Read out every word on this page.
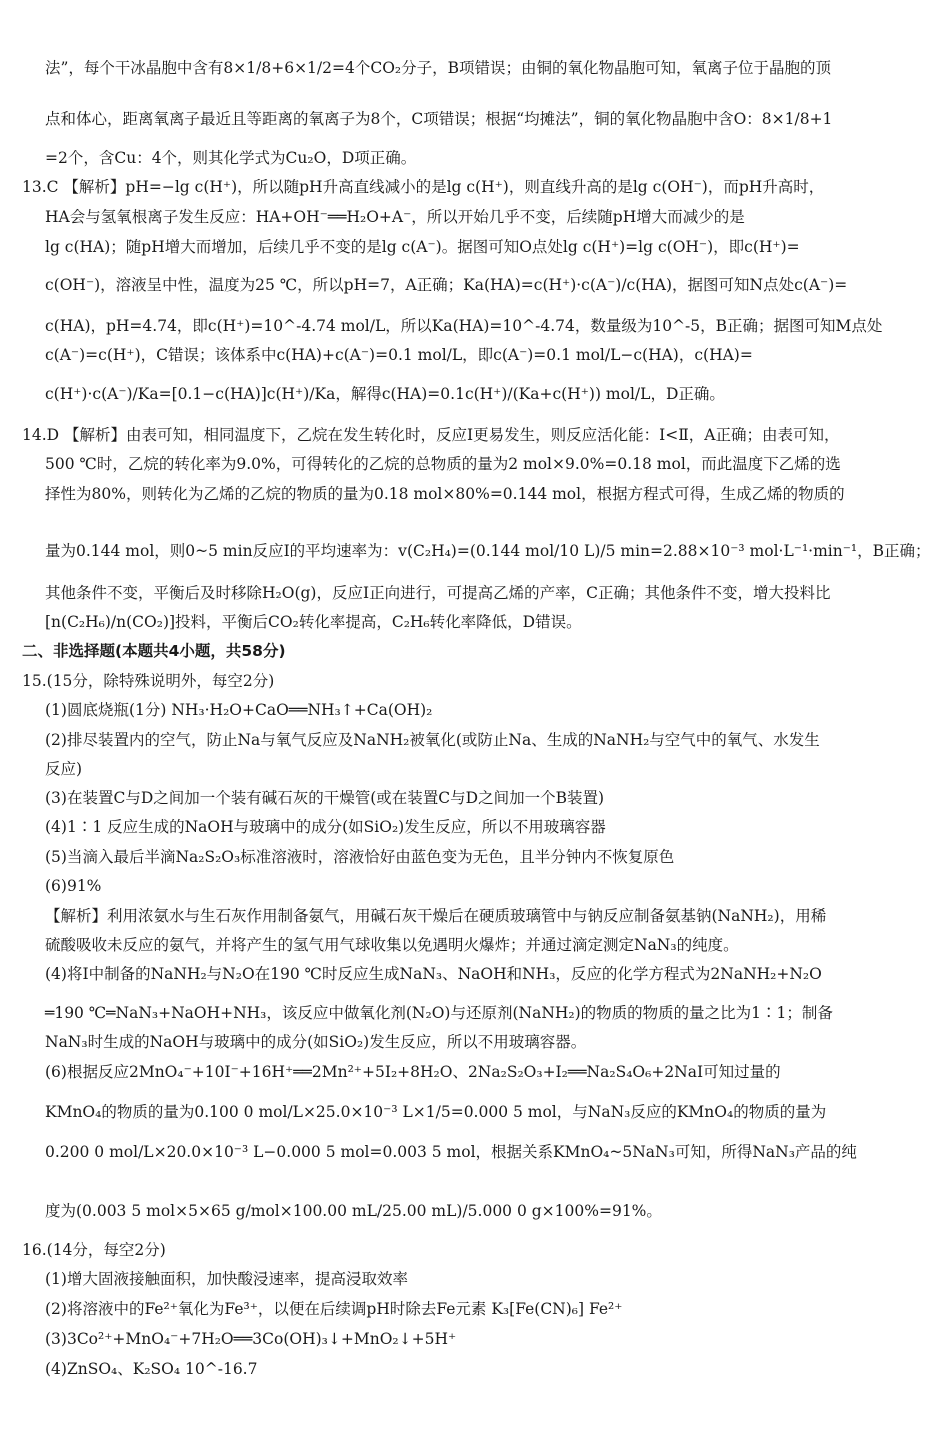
法”，每个干冰晶胞中含有8×1/8+6×1/2=4个CO₂分子，B项错误；由铜的氧化物晶胞可知，氧离子位于晶胞的顶
点和体心，距离氧离子最近且等距离的氧离子为8个，C项错误；根据“均摊法”，铜的氧化物晶胞中含O：8×1/8+1
=2个，含Cu：4个，则其化学式为Cu₂O，D项正确。
13.C 【解析】pH=−lg c(H⁺)，所以随pH升高直线减小的是lg c(H⁺)，则直线升高的是lg c(OH⁻)，而pH升高时，
HA会与氢氧根离子发生反应：HA+OH⁻══H₂O+A⁻，所以开始几乎不变，后续随pH增大而减少的是
lg c(HA)；随pH增大而增加，后续几乎不变的是lg c(A⁻)。据图可知O点处lg c(H⁺)=lg c(OH⁻)，即c(H⁺)=
c(OH⁻)，溶液呈中性，温度为25 ℃，所以pH=7，A正确；Ka(HA)=c(H⁺)·c(A⁻)/c(HA)，据图可知N点处c(A⁻)=
c(HA)，pH=4.74，即c(H⁺)=10^-4.74 mol/L，所以Ka(HA)=10^-4.74，数量级为10^-5，B正确；据图可知M点处
c(A⁻)=c(H⁺)，C错误；该体系中c(HA)+c(A⁻)=0.1 mol/L，即c(A⁻)=0.1 mol/L−c(HA)，c(HA)=
c(H⁺)·c(A⁻)/Ka=[0.1−c(HA)]c(H⁺)/Ka，解得c(HA)=0.1c(H⁺)/(Ka+c(H⁺)) mol/L，D正确。
14.D 【解析】由表可知，相同温度下，乙烷在发生转化时，反应Ⅰ更易发生，则反应活化能：Ⅰ<Ⅱ，A正确；由表可知，
500 ℃时，乙烷的转化率为9.0%，可得转化的乙烷的总物质的量为2 mol×9.0%=0.18 mol，而此温度下乙烯的选
择性为80%，则转化为乙烯的乙烷的物质的量为0.18 mol×80%=0.144 mol，根据方程式可得，生成乙烯的物质的
量为0.144 mol，则0~5 min反应Ⅰ的平均速率为：v(C₂H₄)=(0.144 mol/10 L)/5 min=2.88×10⁻³ mol·L⁻¹·min⁻¹，B正确；
其他条件不变，平衡后及时移除H₂O(g)，反应Ⅰ正向进行，可提高乙烯的产率，C正确；其他条件不变，增大投料比
[n(C₂H₆)/n(CO₂)]投料，平衡后CO₂转化率提高，C₂H₆转化率降低，D错误。
二、非选择题(本题共4小题，共58分)
15.(15分，除特殊说明外，每空2分)
(1)圆底烧瓶(1分) NH₃·H₂O+CaO══NH₃↑+Ca(OH)₂
(2)排尽装置内的空气，防止Na与氧气反应及NaNH₂被氧化(或防止Na、生成的NaNH₂与空气中的氧气、水发生
反应)
(3)在装置C与D之间加一个装有碱石灰的干燥管(或在装置C与D之间加一个B装置)
(4)1∶1 反应生成的NaOH与玻璃中的成分(如SiO₂)发生反应，所以不用玻璃容器
(5)当滴入最后半滴Na₂S₂O₃标准溶液时，溶液恰好由蓝色变为无色，且半分钟内不恢复原色
(6)91%
【解析】利用浓氨水与生石灰作用制备氨气，用碱石灰干燥后在硬质玻璃管中与钠反应制备氨基钠(NaNH₂)，用稀
硫酸吸收未反应的氨气，并将产生的氢气用气球收集以免遇明火爆炸；并通过滴定测定NaN₃的纯度。
(4)将Ⅰ中制备的NaNH₂与N₂O在190 ℃时反应生成NaN₃、NaOH和NH₃，反应的化学方程式为2NaNH₂+N₂O
═190 ℃═NaN₃+NaOH+NH₃，该反应中做氧化剂(N₂O)与还原剂(NaNH₂)的物质的物质的量之比为1∶1；制备
NaN₃时生成的NaOH与玻璃中的成分(如SiO₂)发生反应，所以不用玻璃容器。
(6)根据反应2MnO₄⁻+10I⁻+16H⁺══2Mn²⁺+5I₂+8H₂O、2Na₂S₂O₃+I₂══Na₂S₄O₆+2NaI可知过量的
KMnO₄的物质的量为0.100 0 mol/L×25.0×10⁻³ L×1/5=0.000 5 mol，与NaN₃反应的KMnO₄的物质的量为
0.200 0 mol/L×20.0×10⁻³ L−0.000 5 mol=0.003 5 mol，根据关系KMnO₄~5NaN₃可知，所得NaN₃产品的纯
度为(0.003 5 mol×5×65 g/mol×100.00 mL/25.00 mL)/5.000 0 g×100%=91%。
16.(14分，每空2分)
(1)增大固液接触面积，加快酸浸速率，提高浸取效率
(2)将溶液中的Fe²⁺氧化为Fe³⁺，以便在后续调pH时除去Fe元素 K₃[Fe(CN)₆] Fe²⁺
(3)3Co²⁺+MnO₄⁻+7H₂O══3Co(OH)₃↓+MnO₂↓+5H⁺
(4)ZnSO₄、K₂SO₄ 10^-16.7
